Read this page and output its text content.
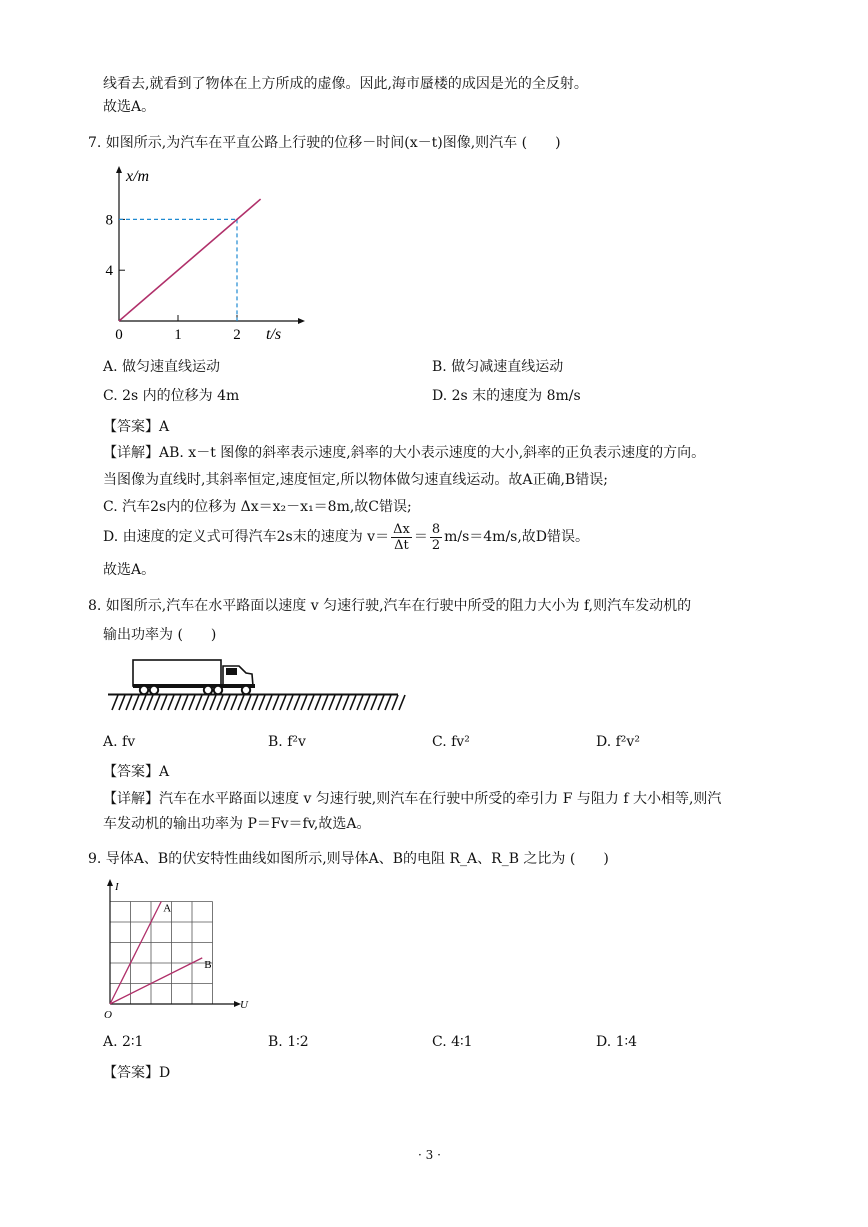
线看去,就看到了物体在上方所成的虚像。因此,海市蜃楼的成因是光的全反射。
故选A。
7. 如图所示,为汽车在平直公路上行驶的位移－时间(x－t)图像,则汽车 (　　)
0	1	2
4
8
x/m
t/s
A. 做匀速直线运动	B. 做匀减速直线运动
C. 2s 内的位移为 4m	D. 2s 末的速度为 8m/s
【答案】A
【详解】AB. x－t 图像的斜率表示速度,斜率的大小表示速度的大小,斜率的正负表示速度的方向。
当图像为直线时,其斜率恒定,速度恒定,所以物体做匀速直线运动。故A正确,B错误;
C. 汽车2s内的位移为 Δx＝x₂－x₁＝8m,故C错误;
D. 由速度的定义式可得汽车2s末的速度为 $v= \frac{\Delta x}{\Delta t} = \frac{8}{2} m/s=4m/s$,故D错误。
故选A。
8. 如图所示,汽车在水平路面以速度 v 匀速行驶,汽车在行驶中所受的阻力大小为 f,则汽车发动机的
输出功率为 (　　)
A. fv	B. f²v	C. fv²	D. f²v²
【答案】A
【详解】汽车在水平路面以速度 v 匀速行驶,则汽车在行驶中所受的牵引力 F 与阻力 f 大小相等,则汽
车发动机的输出功率为 P＝Fv＝fv,故选A。
9. 导体A、B的伏安特性曲线如图所示,则导体A、B的电阻 R_A、R_B 之比为 (　　)
A
B
I
U
O
A. 2∶1	B. 1∶2	C. 4∶1	D. 1∶4
【答案】D
· 3 ·
